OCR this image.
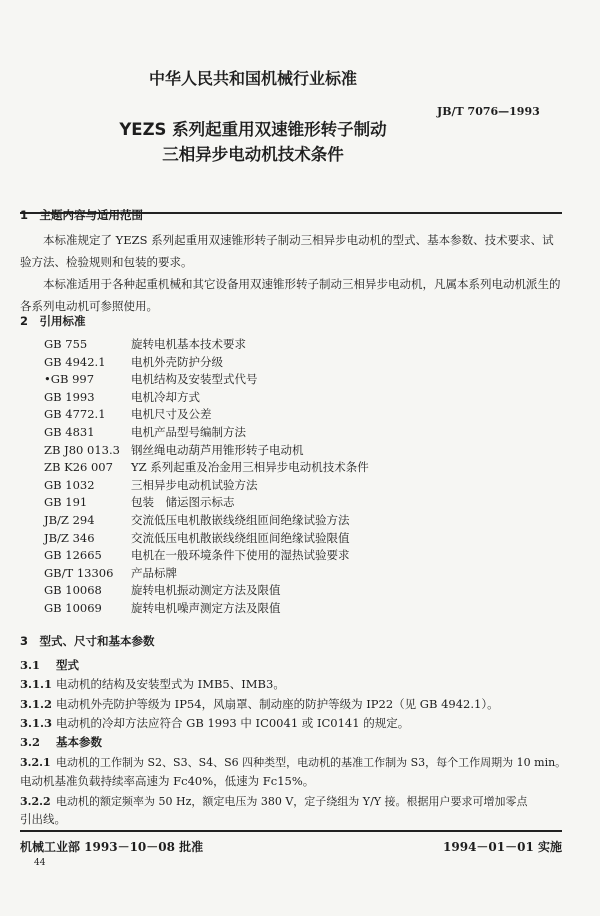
中华人民共和国机械行业标准
JB/T 7076—1993
YEZS 系列起重用双速锥形转子制动
三相异步电动机技术条件
1　主题内容与适用范围
本标准规定了 YEZS 系列起重用双速锥形转子制动三相异步电动机的型式、基本参数、技术要求、试验方法、检验规则和包装的要求。
本标准适用于各种起重机械和其它设备用双速锥形转子制动三相异步电动机，凡属本系列电动机派生的各系列电动机可参照使用。
2　引用标准
GB 755	旋转电机基本技术要求
GB 4942.1 电机外壳防护分级
•GB 997	电机结构及安装型式代号
GB 1993	电机冷却方式
GB 4772.1 电机尺寸及公差
GB 4831	电机产品型号编制方法
ZB J80 013.3 钢丝绳电动葫芦用锥形转子电动机
ZB K26 007 YZ 系列起重及冶金用三相异步电动机技术条件
GB 1032	三相异步电动机试验方法
GB 191	包装　储运图示标志
JB/Z 294	交流低压电机散嵌线绕组匝间绝缘试验方法
JB/Z 346	交流低压电机散嵌线绕组匝间绝缘试验限值
GB 12665	电机在一般环境条件下使用的湿热试验要求
GB/T 13306 产品标牌
GB 10068	旋转电机振动测定方法及限值
GB 10069	旋转电机噪声测定方法及限值
3　型式、尺寸和基本参数
3.1 型式
3.1.1 电动机的结构及安装型式为 IMB5、IMB3。
3.1.2 电动机外壳防护等级为 IP54，风扇罩、制动座的防护等级为 IP22（见 GB 4942.1）。
3.1.3 电动机的冷却方法应符合 GB 1993 中 IC0041 或 IC0141 的规定。
3.2 基本参数
3.2.1 电动机的工作制为 S2、S3、S4、S6 四种类型，电动机的基准工作制为 S3，每个工作周期为 10 min。
电动机基准负载持续率高速为 Fc40%，低速为 Fc15%。
3.2.2 电动机的额定频率为 50 Hz，额定电压为 380 V，定子绕组为 Y/Y 接。根据用户要求可增加零点
引出线。
机械工业部 1993－10－08 批准	1994－01－01 实施
44
